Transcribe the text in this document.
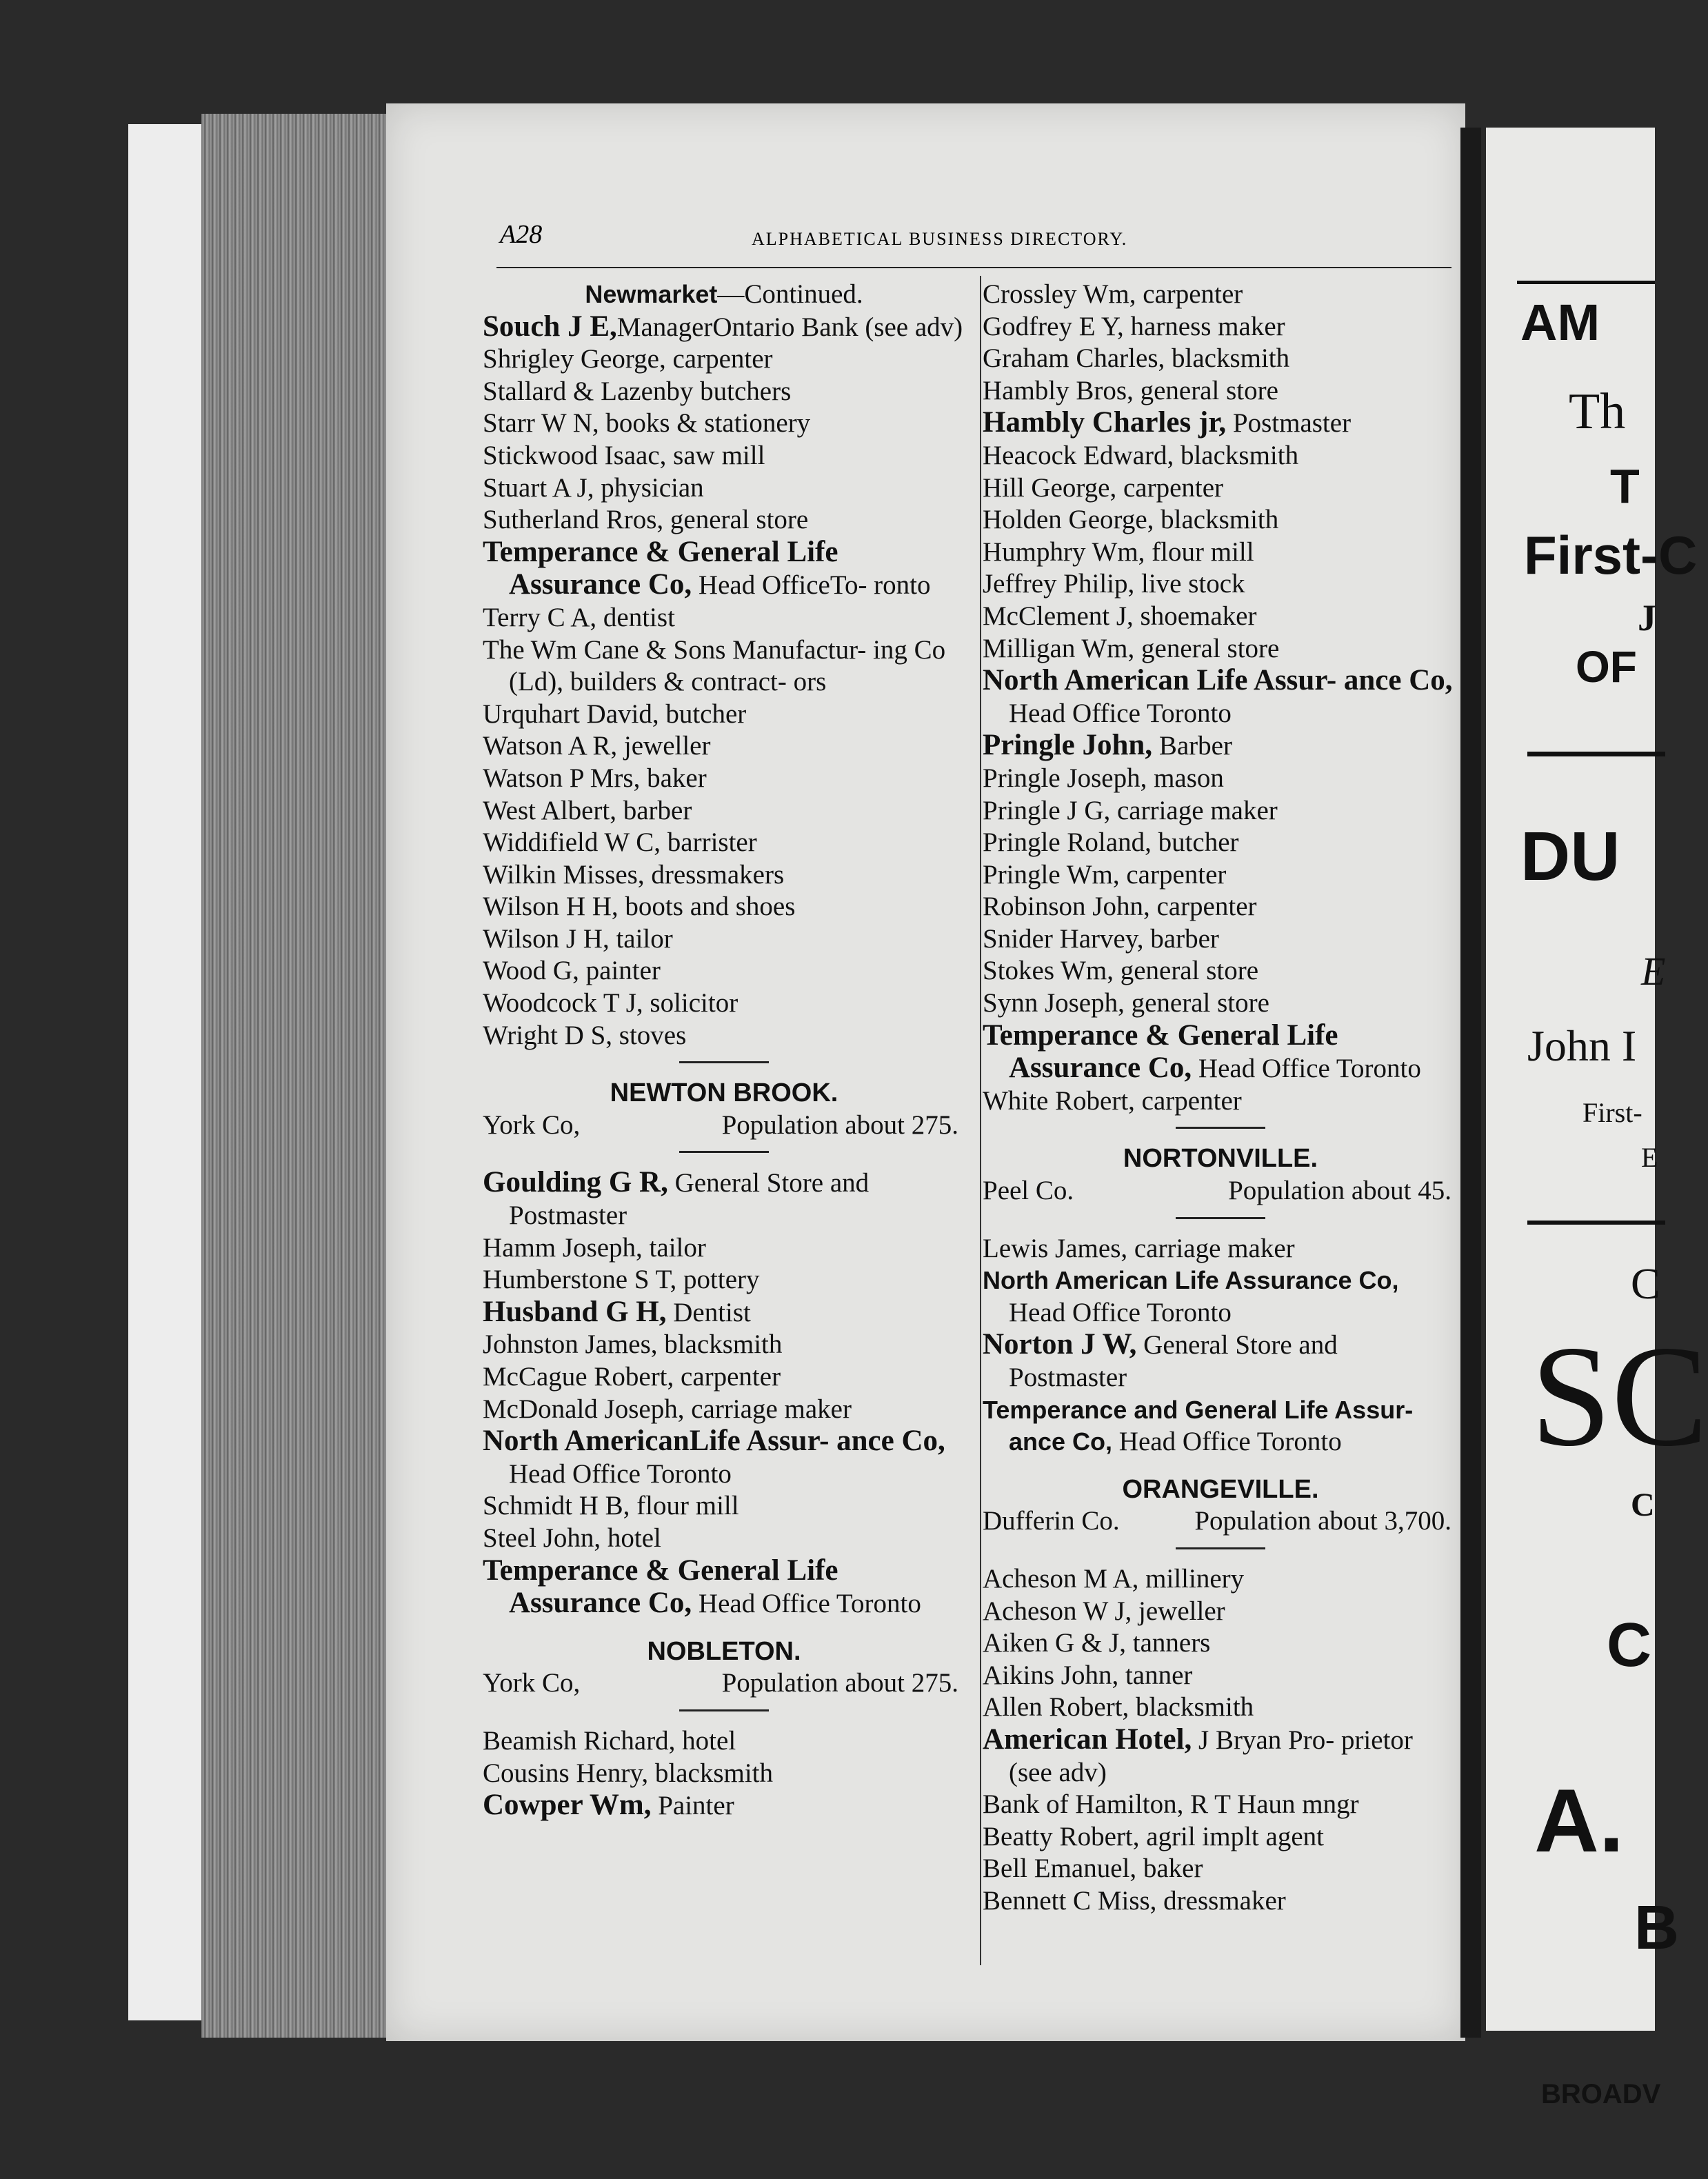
AM
Th
T
First-C
J
OF
DU
E
John I
First-
E
C
SC
C
C
A.
B
BROADV
A28	ALPHABETICAL BUSINESS DIRECTORY.
Newmarket—Continued.
Souch J E,ManagerOntario Bank (see adv)
Shrigley George, carpenter
Stallard & Lazenby butchers
Starr W N, books & stationery
Stickwood Isaac, saw mill
Stuart A J, physician
Sutherland Rros, general store
Temperance & General Life Assurance Co, Head OfficeTo- ronto
Terry C A, dentist
The Wm Cane & Sons Manufactur- ing Co (Ld), builders & contract- ors
Urquhart David, butcher
Watson A R, jeweller
Watson P Mrs, baker
West Albert, barber
Widdifield W C, barrister
Wilkin Misses, dressmakers
Wilson H H, boots and shoes
Wilson J H, tailor
Wood G, painter
Woodcock T J, solicitor
Wright D S, stoves
NEWTON BROOK.
York Co,	Population about 275.
Goulding G R, General Store and Postmaster
Hamm Joseph, tailor
Humberstone S T, pottery
Husband G H, Dentist
Johnston James, blacksmith
McCague Robert, carpenter
McDonald Joseph, carriage maker
North AmericanLife Assur- ance Co, Head Office Toronto
Schmidt H B, flour mill
Steel John, hotel
Temperance & General Life Assurance Co, Head Office Toronto
NOBLETON.
York Co,	Population about 275.
Beamish Richard, hotel
Cousins Henry, blacksmith
Cowper Wm, Painter
Crossley Wm, carpenter
Godfrey E Y, harness maker
Graham Charles, blacksmith
Hambly Bros, general store
Hambly Charles jr, Postmaster
Heacock Edward, blacksmith
Hill George, carpenter
Holden George, blacksmith
Humphry Wm, flour mill
Jeffrey Philip, live stock
McClement J, shoemaker
Milligan Wm, general store
North American Life Assur- ance Co, Head Office Toronto
Pringle John, Barber
Pringle Joseph, mason
Pringle J G, carriage maker
Pringle Roland, butcher
Pringle Wm, carpenter
Robinson John, carpenter
Snider Harvey, barber
Stokes Wm, general store
Synn Joseph, general store
Temperance & General Life Assurance Co, Head Office Toronto
White Robert, carpenter
NORTONVILLE.
Peel Co.	Population about 45.
Lewis James, carriage maker
North American Life Assurance Co, Head Office Toronto
Norton J W, General Store and Postmaster
Temperance and General Life Assur- ance Co, Head Office Toronto
ORANGEVILLE.
Dufferin Co.	Population about 3,700.
Acheson M A, millinery
Acheson W J, jeweller
Aiken G & J, tanners
Aikins John, tanner
Allen Robert, blacksmith
American Hotel, J Bryan Pro- prietor (see adv)
Bank of Hamilton, R T Haun mngr
Beatty Robert, agril implt agent
Bell Emanuel, baker
Bennett C Miss, dressmaker
